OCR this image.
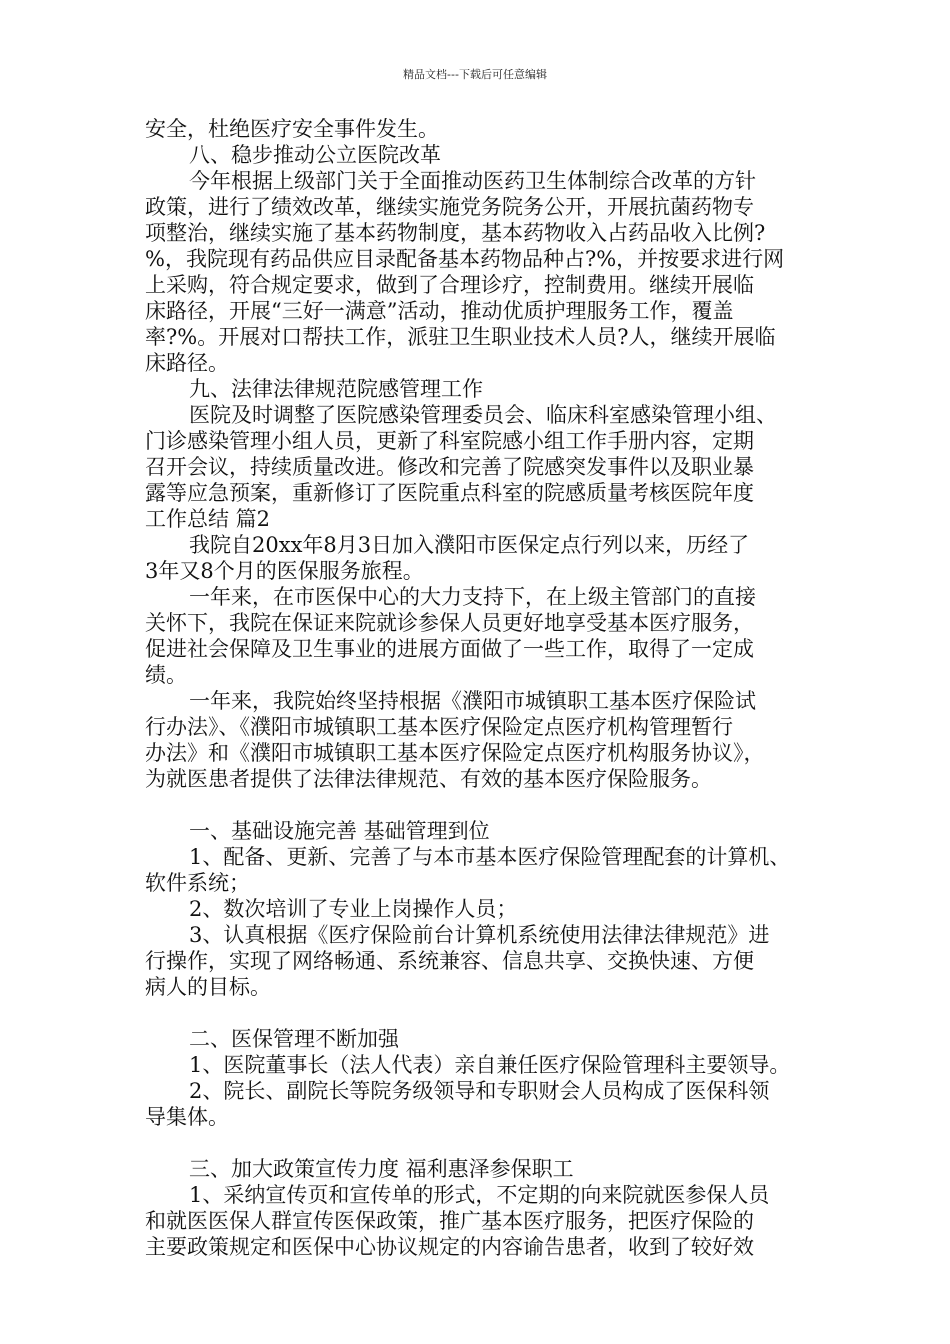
精品文档---下载后可任意编辑
安全，杜绝医疗安全事件发生。
八、稳步推动公立医院改革
今年根据上级部门关于全面推动医药卫生体制综合改革的方针
政策，进行了绩效改革，继续实施党务院务公开，开展抗菌药物专
项整治，继续实施了基本药物制度，基本药物收入占药品收入比例?
%，我院现有药品供应目录配备基本药物品种占?%，并按要求进行网
上采购，符合规定要求，做到了合理诊疗，控制费用。继续开展临
床路径，开展“三好一满意”活动，推动优质护理服务工作，覆盖
率?%。开展对口帮扶工作，派驻卫生职业技术人员?人，继续开展临
床路径。
九、法律法律规范院感管理工作
医院及时调整了医院感染管理委员会、临床科室感染管理小组、
门诊感染管理小组人员，更新了科室院感小组工作手册内容，定期
召开会议，持续质量改进。修改和完善了院感突发事件以及职业暴
露等应急预案，重新修订了医院重点科室的院感质量考核医院年度
工作总结 篇2
我院自20xx年8月3日加入濮阳市医保定点行列以来，历经了
3年又8个月的医保服务旅程。
一年来，在市医保中心的大力支持下，在上级主管部门的直接
关怀下，我院在保证来院就诊参保人员更好地享受基本医疗服务，
促进社会保障及卫生事业的进展方面做了一些工作，取得了一定成
绩。
一年来，我院始终坚持根据《濮阳市城镇职工基本医疗保险试
行办法》、《濮阳市城镇职工基本医疗保险定点医疗机构管理暂行
办法》和《濮阳市城镇职工基本医疗保险定点医疗机构服务协议》，
为就医患者提供了法律法律规范、有效的基本医疗保险服务。
一、基础设施完善 基础管理到位
1、配备、更新、完善了与本市基本医疗保险管理配套的计算机、
软件系统；
2、数次培训了专业上岗操作人员；
3、认真根据《医疗保险前台计算机系统使用法律法律规范》进
行操作，实现了网络畅通、系统兼容、信息共享、交换快速、方便
病人的目标。
二、医保管理不断加强
1、医院董事长（法人代表）亲自兼任医疗保险管理科主要领导。
2、院长、副院长等院务级领导和专职财会人员构成了医保科领
导集体。
三、加大政策宣传力度 福利惠泽参保职工
1、采纳宣传页和宣传单的形式，不定期的向来院就医参保人员
和就医医保人群宣传医保政策，推广基本医疗服务，把医疗保险的
主要政策规定和医保中心协议规定的内容谕告患者，收到了较好效
